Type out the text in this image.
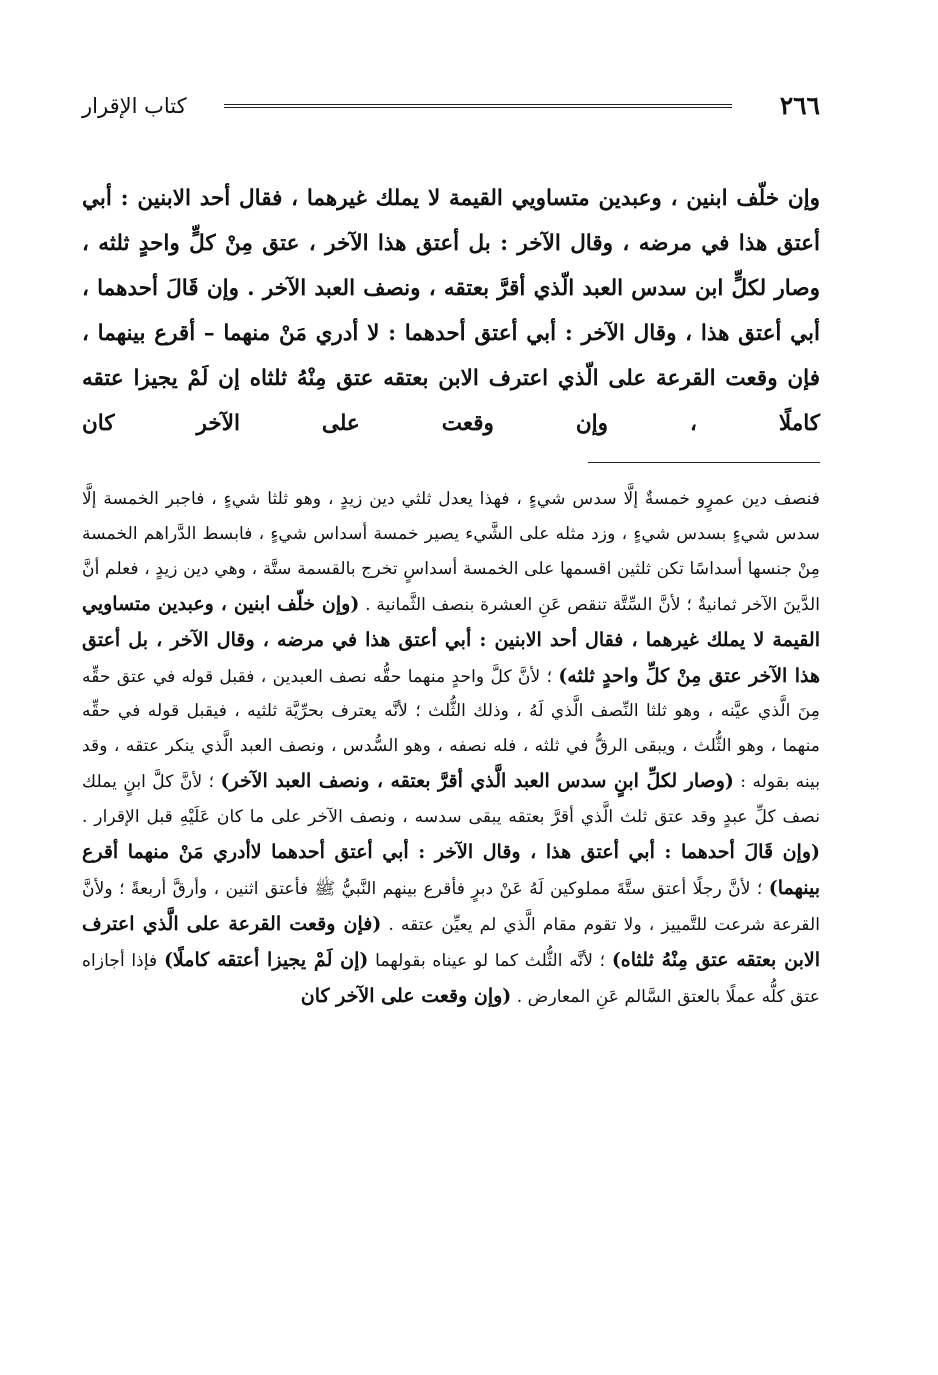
٢٦٦
كتاب الإقرار

وإن خلّف ابنين ، وعبدين متساويي القيمة لا يملك غيرهما ، فقال أحد الابنين : أبي أعتق هذا في مرضه ، وقال الآخر : بل أعتق هذا الآخر ، عتق مِنْ كلٍّ واحدٍ ثلثه ، وصار لكلٍّ ابن سدس العبد الّذي أقرَّ بعتقه ، ونصف العبد الآخر . وإن قَالَ أحدهما ، أبي أعتق هذا ، وقال الآخر : أبي أعتق أحدهما : لا أدري مَنْ منهما – أقرع بينهما ، فإن وقعت القرعة على الّذي اعترف الابن بعتقه عتق مِنْهُ ثلثاه إن لَمْ يجيزا عتقه كاملًا ، وإن وقعت على الآخر كان

فنصف دين عمرٍو خمسةٌ إلَّا سدس شيءٍ ، فهذا يعدل ثلثي دين زيدٍ ، وهو ثلثا شيءٍ ، فاجبر الخمسة إلَّا سدس شيءٍ بسدس شيءٍ ، وزد مثله على الشَّيء يصير خمسة أسداس شيءٍ ، فابسط الدَّراهم الخمسة مِنْ جنسها أسداسًا تكن ثلثين اقسمها على الخمسة أسداسٍ تخرج بالقسمة ستَّة ، وهي دين زيدٍ ، فعلم أنَّ الدَّينَ الآخر ثمانيةٌ ؛ لأنَّ السِّتَّة تنقص عَنِ العشرة بنصف الثَّمانية . (وإن خلّف ابنين ، وعبدين متساويي القيمة لا يملك غيرهما ، فقال أحد الابنين : أبي أعتق هذا في مرضه ، وقال الآخر ، بل أعتق هذا الآخر عتق مِنْ كلِّ واحدٍ ثلثه) ؛ لأنَّ كلَّ واحدٍ منهما حقُّه نصف العبدين ، فقبل قوله في عتق حقِّه مِنَ الَّذي عيَّنه ، وهو ثلثا النِّصف الَّذي لَهُ ، وذلك الثُّلث ؛ لأنَّه يعترف بحرِّيَّة ثلثيه ، فيقبل قوله في حقِّه منهما ، وهو الثُّلث ، ويبقى الرقُّ في ثلثه ، فله نصفه ، وهو السُّدس ، ونصف العبد الَّذي ينكر عتقه ، وقد بينه بقوله : (وصار لكلِّ ابنٍ سدس العبد الَّذي أقرَّ بعتقه ، ونصف العبد الآخر) ؛ لأنَّ كلَّ ابنٍ يملك نصف كلِّ عبدٍ وقد عتق ثلث الَّذي أقرَّ بعتقه يبقى سدسه ، ونصف الآخر على ما كان عَلَيْهِ قبل الإقرار . (وإن قَالَ أحدهما : أبي أعتق هذا ، وقال الآخر : أبي أعتق أحدهما لاأدري مَنْ منهما أقرع بينهما) ؛ لأنَّ رجلًا أعتق ستَّةَ مملوكين لَهُ عَنْ دبرٍ فأقرع بينهم النَّبيُّ ﷺ فأعتق اثنين ، وأرقَّ أربعةً ؛ ولأنَّ القرعة شرعت للتَّمييز ، ولا تقوم مقام الَّذي لم يعيِّن عتقه . (فإن وقعت القرعة على الَّذي اعترف الابن بعتقه عتق مِنْهُ ثلثاه) ؛ لأنَّه الثُّلث كما لو عيناه بقولهما (إن لَمْ يجيزا أعتقه كاملًا) فإذا أجازاه عتق كلُّه عملًا بالعتق السَّالم عَنِ المعارض . (وإن وقعت على الآخر كان
